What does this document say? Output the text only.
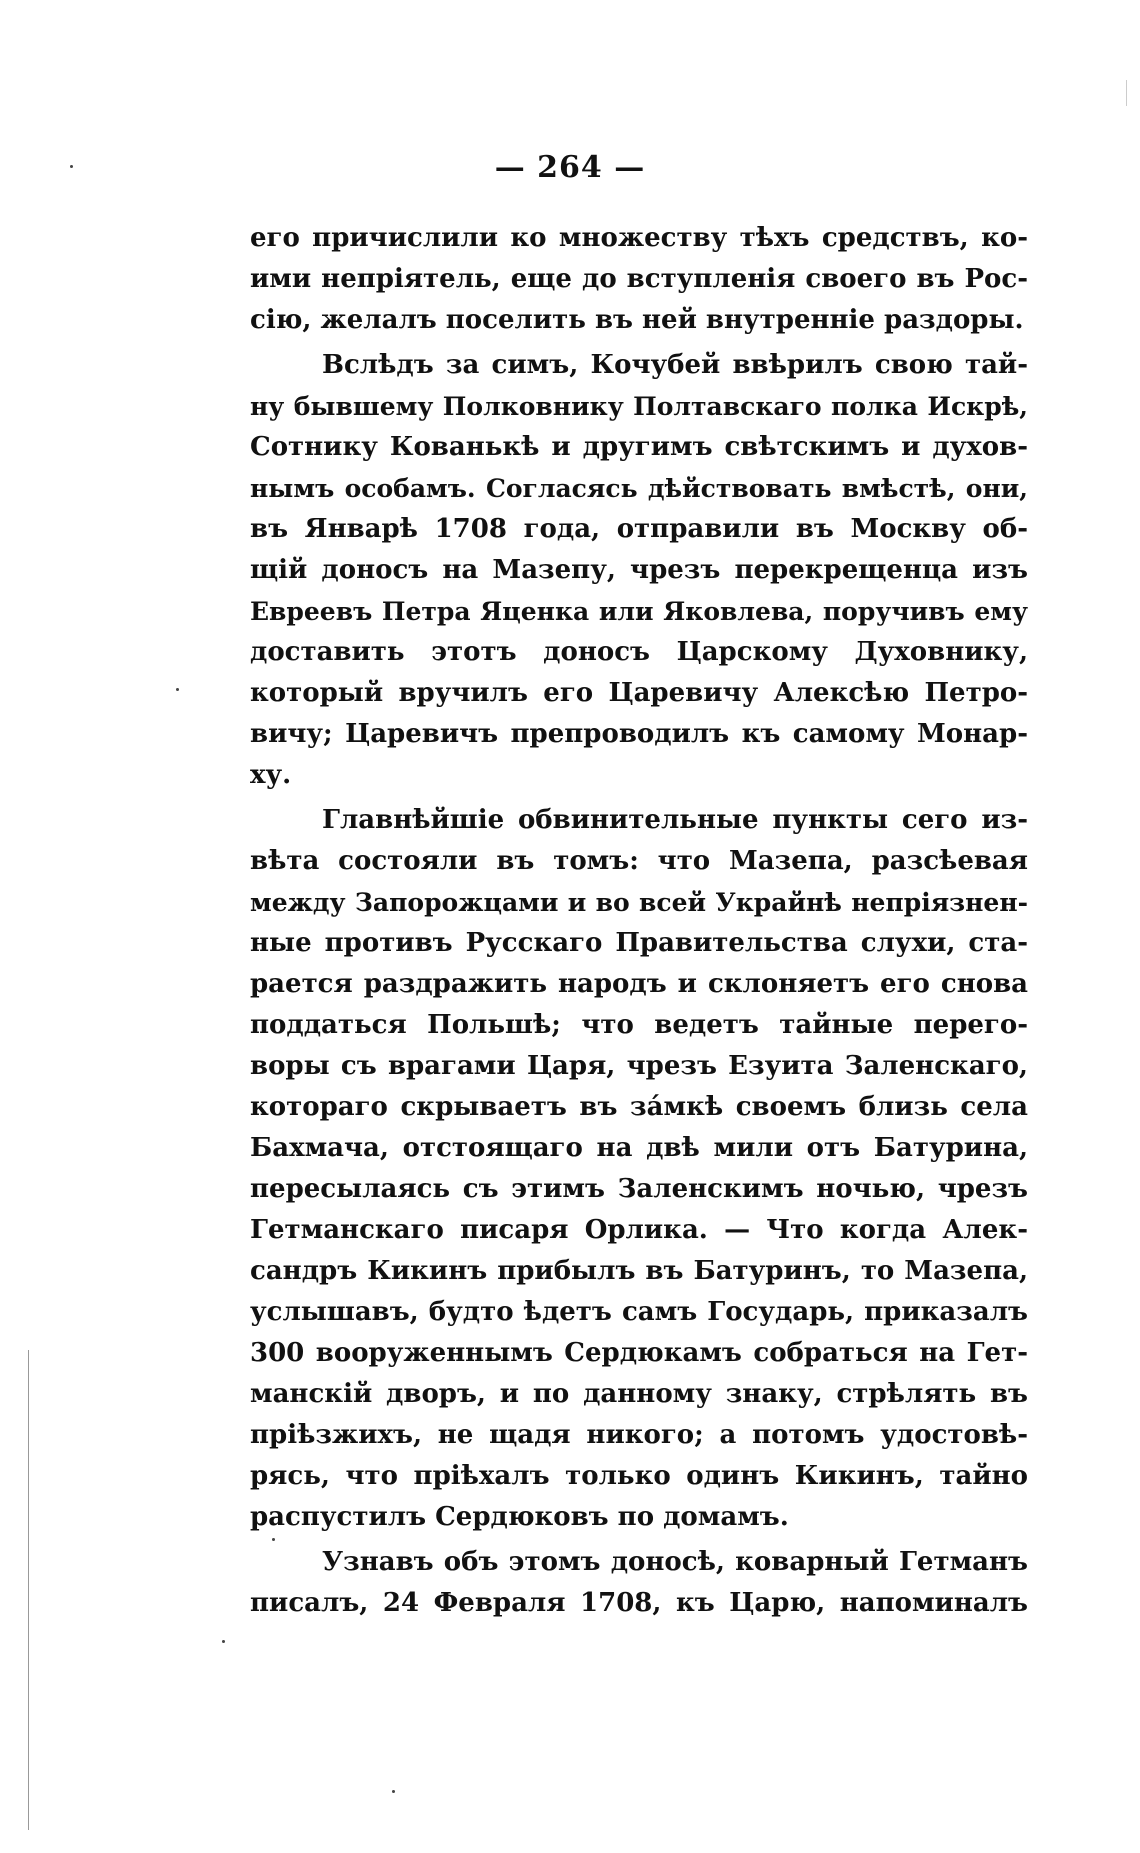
— 264 —
его причислили ко множеству тѣхъ средствъ, ко-
ими непріятель, еще до вступленія своего въ Рос-
сію, желалъ поселить въ ней внутренніе раздоры.
Вслѣдъ за симъ, Кочубей ввѣрилъ свою тай-
ну бывшему Полковнику Полтавскаго полка Искрѣ,
Сотнику Кованькѣ и другимъ свѣтскимъ и духов-
нымъ особамъ. Согласясь дѣйствовать вмѣстѣ, они,
въ Январѣ 1708 года, отправили въ Москву об-
щій доносъ на Мазепу, чрезъ перекрещенца изъ
Евреевъ Петра Яценка или Яковлева, поручивъ ему
доставить этотъ доносъ Царскому Духовнику,
который вручилъ его Царевичу Алексѣю Петро-
вичу; Царевичъ препроводилъ къ самому Монар-
ху.
Главнѣйшіе обвинительные пункты сего из-
вѣта состояли въ томъ: что Мазепа, разсѣевая
между Запорожцами и во всей Украйнѣ непріязнен-
ные противъ Русскаго Правительства слухи, ста-
рается раздражить народъ и склоняетъ его снова
поддаться Польшѣ; что ведетъ тайные перего-
воры съ врагами Царя, чрезъ Езуита Заленскаго,
котораго скрываетъ въ зáмкѣ своемъ близь села
Бахмача, отстоящаго на двѣ мили отъ Батурина,
пересылаясь съ этимъ Заленскимъ ночью, чрезъ
Гетманскаго писаря Орлика. — Что когда Алек-
сандръ Кикинъ прибылъ въ Батуринъ, то Мазепа,
услышавъ, будто ѣдетъ самъ Государь, приказалъ
300 вооруженнымъ Сердюкамъ собраться на Гет-
манскій дворъ, и по данному знаку, стрѣлять въ
пріѣзжихъ, не щадя никого; а потомъ удостовѣ-
рясь, что пріѣхалъ только одинъ Кикинъ, тайно
распустилъ Сердюковъ по домамъ.
Узнавъ объ этомъ доносѣ, коварный Гетманъ
писалъ, 24 Февраля 1708, къ Царю, напоминалъ
